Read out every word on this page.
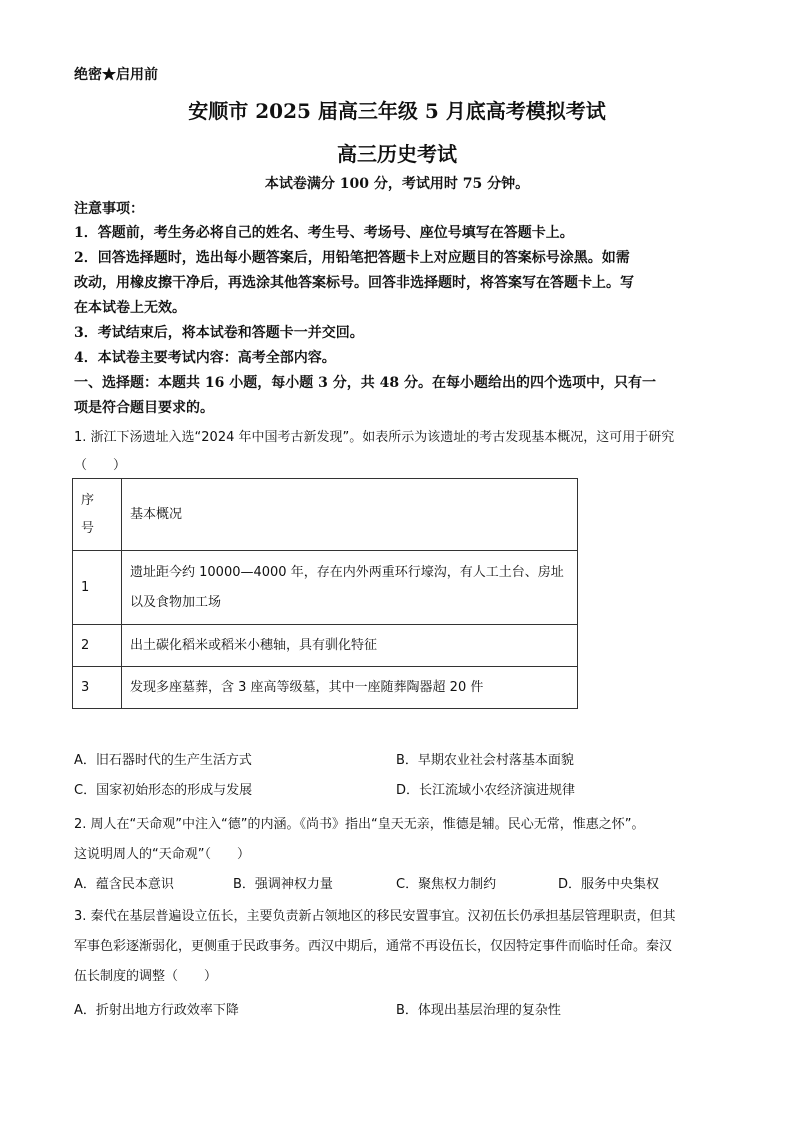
绝密★启用前
安顺市 2025 届高三年级 5 月底高考模拟考试
高三历史考试
本试卷满分 100 分，考试用时 75 分钟。
注意事项：
1．答题前，考生务必将自己的姓名、考生号、考场号、座位号填写在答题卡上。
2．回答选择题时，选出每小题答案后，用铅笔把答题卡上对应题目的答案标号涂黑。如需
改动，用橡皮擦干净后，再选涂其他答案标号。回答非选择题时，将答案写在答题卡上。写
在本试卷上无效。
3．考试结束后，将本试卷和答题卡一并交回。
4．本试卷主要考试内容：高考全部内容。
一、选择题：本题共 16 小题，每小题 3 分，共 48 分。在每小题给出的四个选项中，只有一
项是符合题目要求的。
1. 浙江下汤遗址入选“2024 年中国考古新发现”。如表所示为该遗址的考古发现基本概况，这可用于研究
（　　）
序
号	基本概况
1	遗址距今约 10000—4000 年，存在内外两重环行壕沟，有人工土台、房址
以及食物加工场

2	出土碳化稻米或稻米小穗轴，具有驯化特征
3	发现多座墓葬，含 3 座高等级墓，其中一座随葬陶器超 20 件
A．旧石器时代的生产生活方式	B．早期农业社会村落基本面貌
C．国家初始形态的形成与发展	D．长江流域小农经济演进规律
2. 周人在“天命观”中注入“德”的内涵。《尚书》指出“皇天无亲，惟德是辅。民心无常，惟惠之怀”。
这说明周人的“天命观”（　　）
A．蕴含民本意识	B．强调神权力量	C．聚焦权力制约	D．服务中央集权
3. 秦代在基层普遍设立伍长，主要负责新占领地区的移民安置事宜。汉初伍长仍承担基层管理职责，但其
军事色彩逐渐弱化，更侧重于民政事务。西汉中期后，通常不再设伍长，仅因特定事件而临时任命。秦汉
伍长制度的调整（　　）
A．折射出地方行政效率下降	B．体现出基层治理的复杂性
